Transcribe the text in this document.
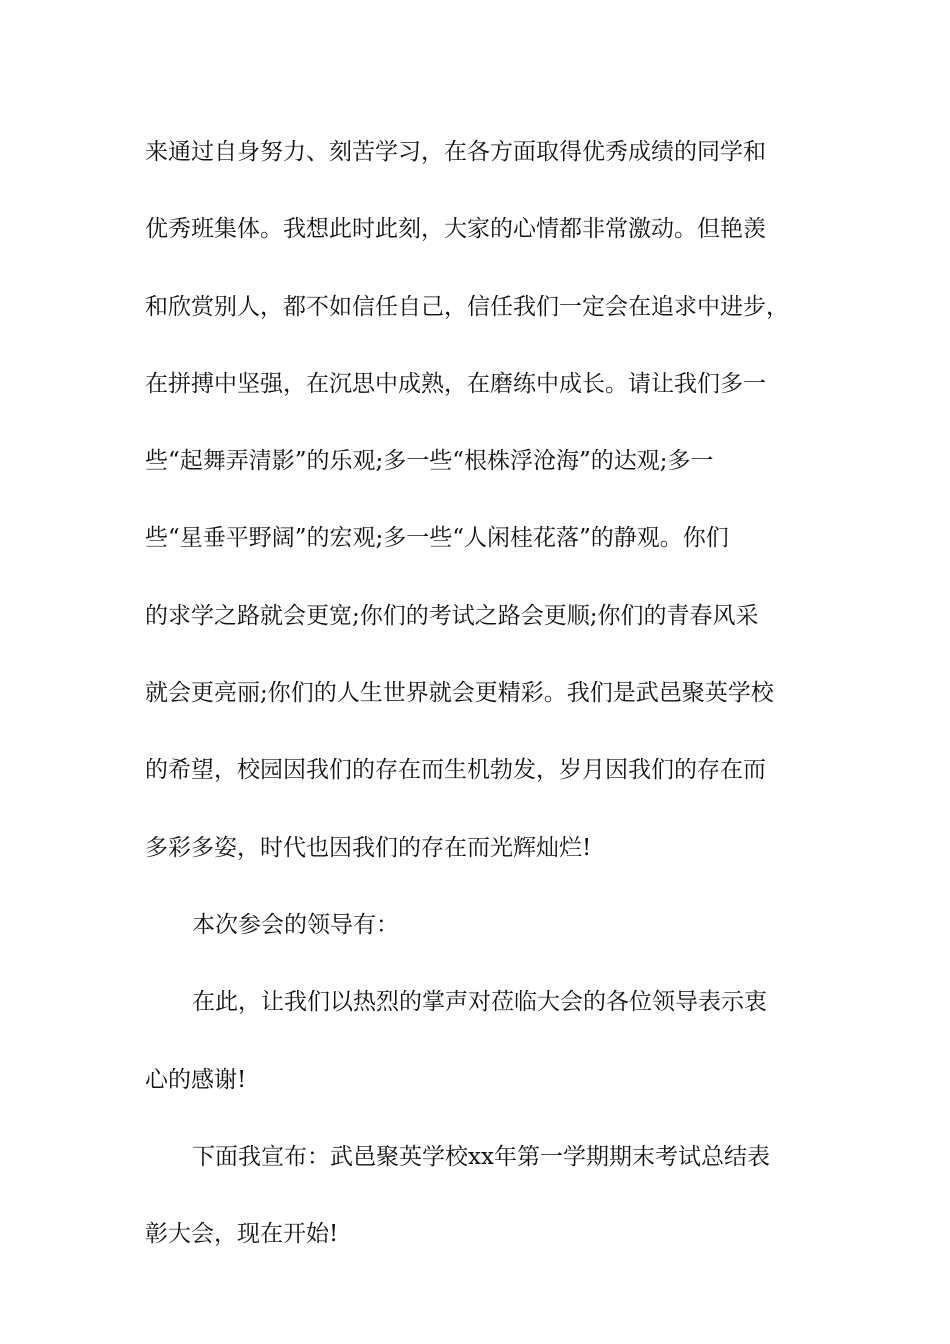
来通过自身努力、刻苦学习，在各方面取得优秀成绩的同学和
优秀班集体。我想此时此刻，大家的心情都非常激动。但艳羡
和欣赏别人，都不如信任自己，信任我们一定会在追求中进步，
在拼搏中坚强，在沉思中成熟，在磨练中成长。请让我们多一
些“起舞弄清影”的乐观;多一些“根株浮沧海”的达观;多一
些“星垂平野阔”的宏观;多一些“人闲桂花落”的静观。你们
的求学之路就会更宽;你们的考试之路会更顺;你们的青春风采
就会更亮丽;你们的人生世界就会更精彩。我们是武邑聚英学校
的希望，校园因我们的存在而生机勃发，岁月因我们的存在而
多彩多姿，时代也因我们的存在而光辉灿烂!
本次参会的领导有：
在此，让我们以热烈的掌声对莅临大会的各位领导表示衷
心的感谢!
下面我宣布：武邑聚英学校xx年第一学期期末考试总结表
彰大会，现在开始!
